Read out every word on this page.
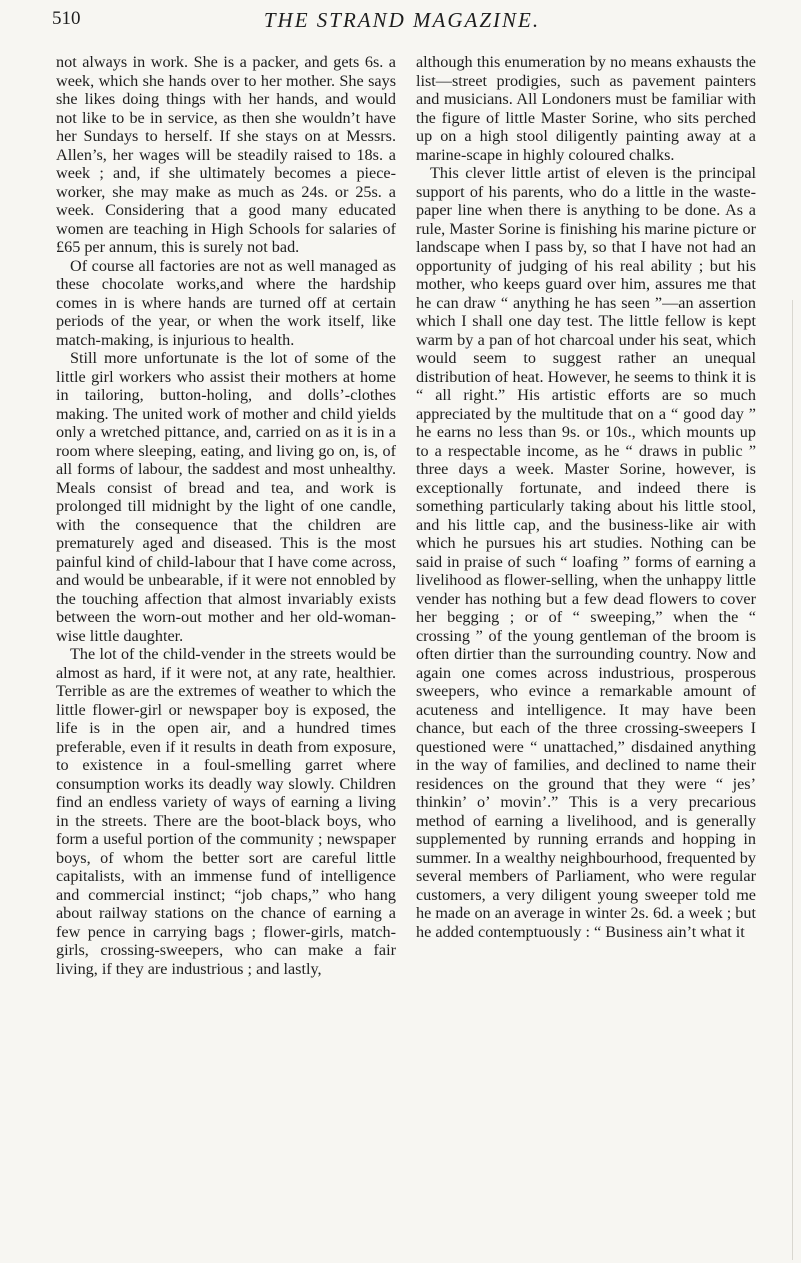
510	THE STRAND MAGAZINE.

not always in work. She is a packer, and gets 6s. a week, which she hands over to her mother. She says she likes doing things with her hands, and would not like to be in service, as then she wouldn’t have her Sundays to herself. If she stays on at Messrs. Allen’s, her wages will be steadily raised to 18s. a week ; and, if she ultimately becomes a piece-worker, she may make as much as 24s. or 25s. a week. Considering that a good many educated women are teaching in High Schools for salaries of £65 per annum, this is surely not bad.

Of course all factories are not as well managed as these chocolate works,and where the hardship comes in is where hands are turned off at certain periods of the year, or when the work itself, like match-making, is injurious to health.

Still more unfortunate is the lot of some of the little girl workers who assist their mothers at home in tailoring, button-holing, and dolls’-clothes making. The united work of mother and child yields only a wretched pittance, and, carried on as it is in a room where sleeping, eating, and living go on, is, of all forms of labour, the saddest and most unhealthy. Meals consist of bread and tea, and work is prolonged till midnight by the light of one candle, with the consequence that the children are prematurely aged and diseased. This is the most painful kind of child-labour that I have come across, and would be unbearable, if it were not ennobled by the touching affection that almost invariably exists between the worn-out mother and her old-woman-wise little daughter.

The lot of the child-vender in the streets would be almost as hard, if it were not, at any rate, healthier. Terrible as are the extremes of weather to which the little flower-girl or newspaper boy is exposed, the life is in the open air, and a hundred times preferable, even if it results in death from exposure, to existence in a foul-smelling garret where consumption works its deadly way slowly. Children find an endless variety of ways of earning a living in the streets. There are the boot-black boys, who form a useful portion of the community ; newspaper boys, of whom the better sort are careful little capitalists, with an immense fund of intelligence and commercial instinct; “job chaps,” who hang about railway stations on the chance of earning a few pence in carrying bags ; flower-girls, match-girls, crossing-sweepers, who can make a fair living, if they are industrious ; and lastly,

although this enumeration by no means exhausts the list—street prodigies, such as pavement painters and musicians. All Londoners must be familiar with the figure of little Master Sorine, who sits perched up on a high stool diligently painting away at a marine-scape in highly coloured chalks.

This clever little artist of eleven is the principal support of his parents, who do a little in the waste-paper line when there is anything to be done. As a rule, Master Sorine is finishing his marine picture or landscape when I pass by, so that I have not had an opportunity of judging of his real ability ; but his mother, who keeps guard over him, assures me that he can draw “ anything he has seen ”—an assertion which I shall one day test. The little fellow is kept warm by a pan of hot charcoal under his seat, which would seem to suggest rather an unequal distribution of heat. However, he seems to think it is “ all right.” His artistic efforts are so much appreciated by the multitude that on a “ good day ” he earns no less than 9s. or 10s., which mounts up to a respectable income, as he “ draws in public ” three days a week. Master Sorine, however, is exceptionally fortunate, and indeed there is something particularly taking about his little stool, and his little cap, and the business-like air with which he pursues his art studies. Nothing can be said in praise of such “ loafing ” forms of earning a livelihood as flower-selling, when the unhappy little vender has nothing but a few dead flowers to cover her begging ; or of “ sweeping,” when the “ crossing ” of the young gentleman of the broom is often dirtier than the surrounding country. Now and again one comes across industrious, prosperous sweepers, who evince a remarkable amount of acuteness and intelligence. It may have been chance, but each of the three crossing-sweepers I questioned were “ unattached,” disdained anything in the way of families, and declined to name their residences on the ground that they were “ jes’ thinkin’ o’ movin’.” This is a very precarious method of earning a livelihood, and is generally supplemented by running errands and hopping in summer. In a wealthy neighbourhood, frequented by several members of Parliament, who were regular customers, a very diligent young sweeper told me he made on an average in winter 2s. 6d. a week ; but he added contemptuously : “ Business ain’t what it
